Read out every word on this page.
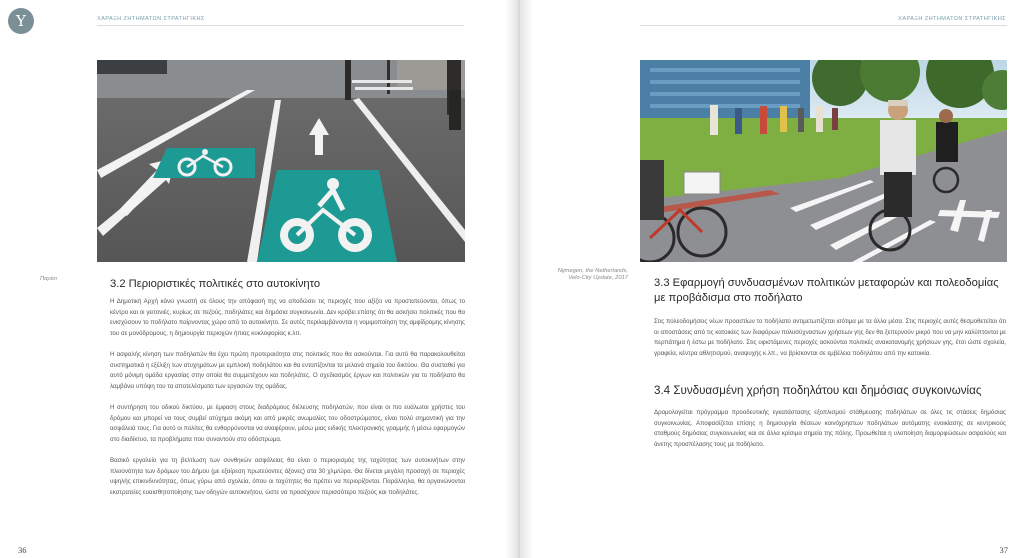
Y	ΧΑΡΑΞΗ ΖΗΤΗΜΑΤΩΝ ΣΤΡΑΤΗΓΙΚΗΣ
Παρίσι	3.2 Περιοριστικές πολιτικές στο αυτοκίνητο

Η Δημοτική Αρχή κάνει γνωστή σε όλους την απόφασή της να αποδώσει τις περιοχές που αξίζει να προστατεύονται, όπως το κέντρο και οι γειτονιές, κυρίως σε πεζούς, ποδηλάτες και δημόσια συγκοινωνία. Δεν κρύβει επίσης ότι θα ασκήσει πολιτικές που θα ενισχύσουν το ποδήλατο παίρνοντας χώρο από το αυτοκίνητο. Σε αυτές περιλαμβάνονται η νομιμοποίηση της αμφίδρομης κίνησης του σε μονόδρομους, η δημιουργία περιοχών ήπιας κυκλοφορίας κ.λπ.

Η ασφαλής κίνηση των ποδηλατών θα έχει πρώτη προτεραιότητα στις πολιτικές που θα ασκούνται. Για αυτό θα παρακολουθείται συστηματικά η εξέλιξη των ατυχημάτων με εμπλοκή ποδηλάτου και θα εντοπίζονται τα μελανά σημεία του δικτύου. Θα συσταθεί για αυτό μόνιμη ομάδα εργασίας στην οποία θα συμμετέχουν και ποδηλάτες. Ο σχεδιασμός έργων και πολιτικών για το ποδήλατο θα λαμβάνει υπόψη του τα αποτελέσματα των εργασιών της ομάδας.

Η συντήρηση του οδικού δικτύου, με έμφαση στους διαδρόμους διέλευσης ποδηλατών, που είναι οι πιο ευάλωτοι χρήστες του δρόμου και μπορεί να τους συμβεί ατύχημα ακόμη και από μικρές ανωμαλίες του οδοστρώματος, είναι πολύ σημαντική για την ασφάλειά τους. Για αυτό οι πολίτες θα ενθαρρύνονται να αναφέρουν, μέσω μιας ειδικής πλεκτρονικής γραμμής ή μέσω εφαρμογών στο διαδίκτυο, τα προβλήματα που συναντούν στο οδόστρωμα.

Βασικό εργαλείο για τη βελτίωση των συνθηκών ασφάλειας θα είναι ο περιορισμός της ταχύτητας των αυτοκινήτων στην πλειονότητα των δρόμων του Δήμου (με εξαίρεση πρωτεύοντες άξονες) στα 30 χλμ/ώρα. Θα δίνεται μεγάλη προσοχή σε περιοχές υψηλής επικινδυνότητας, όπως γύρω από σχολεία, όπου οι ταχύτητες θα πρέπει να περιορίζονται. Παράλληλα, θα οργανώνονται εκστρατείες ευαισθητοποίησης των οδηγών αυτοκινήτου, ώστε να προσέχουν περισσότερο πεζούς και ποδηλάτες.

36
ΧΑΡΑΞΗ ΖΗΤΗΜΑΤΩΝ ΣΤΡΑΤΗΓΙΚΗΣ
Nijmegen, the Netherlands,
Velo-City Update, 2017 3.3 Εφαρμογή συνδυασμένων πολιτικών μεταφορών και πολεοδομίας με προβάδισμα στο ποδήλατο

Στις πολεοδομήσεις νέων προαστίων το ποδήλατο αντιμετωπίζεται ισότιμα με τα άλλα μέσα. Στις περιοχές αυτές θεσμοθετείται ότι οι αποστάσεις από τις κατοικίες των διαφόρων πολυσύχναστων χρήσεων γης δεν θα ξεπερνούν μικρό που να μην καλύπτονται με περπάτημα ή έστω με ποδήλατο. Στις υφιστάμενες περιοχές ασκούνται πολιτικές ανακατανομής χρήσεων γης, έτσι ώστε σχολεία, γραφεία, κέντρα αθλητισμού, αναψυχής κ.λπ., να βρίσκονται σε εμβέλεια ποδηλάτου από την κατοικία.

3.4 Συνδυασμένη χρήση ποδηλάτου και δημόσιας συγκοινωνίας

Δρομολογείται πρόγραμμα προοδευτικής εγκατάστασης εξοπλισμού στάθμευσης ποδηλάτων σε όλες τις στάσεις δημόσιας συγκοινωνίας. Αποφασίζεται επίσης η δημιουργία θέσεων κοινόχρηστων ποδηλάτων αυτόματης ενοικίασης σε κεντρικούς σταθμούς δημόσιας συγκοινωνίας και σε άλλα κρίσιμα σημεία της πόλης. Προωθείται η υλοποίηση διαμορφώσεων ασφαλούς και άνετης προσπέλασης τους με ποδήλατο.

37
